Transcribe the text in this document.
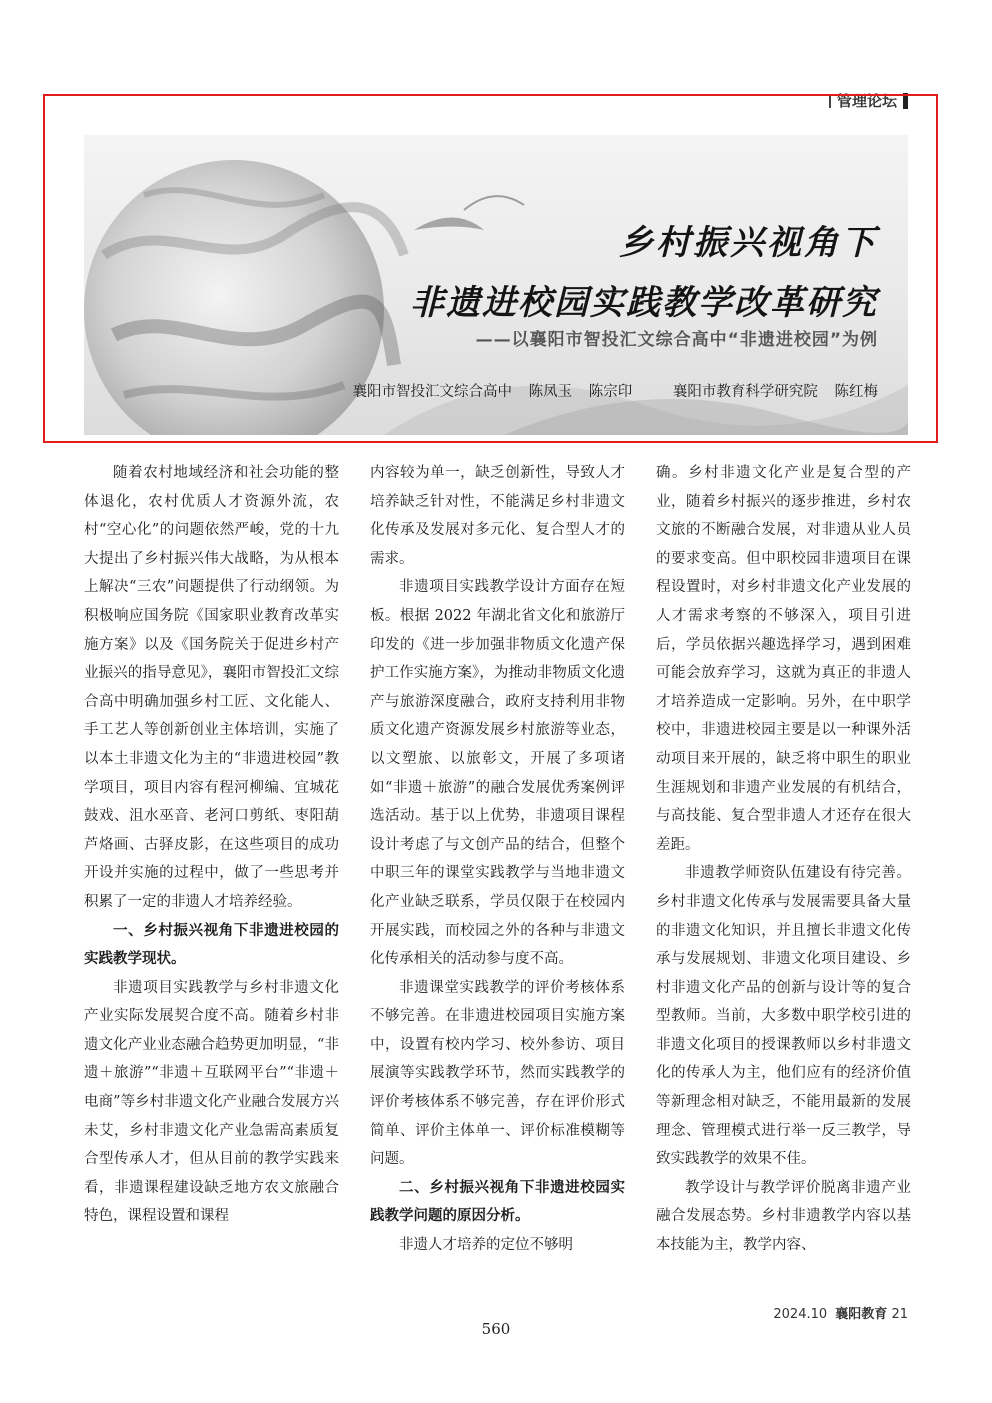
管理论坛
乡村振兴视角下
非遗进校园实践教学改革研究
——以襄阳市智投汇文综合高中“非遗进校园”为例
襄阳市智投汇文综合高中 陈凤玉 陈宗印	襄阳市教育科学研究院 陈红梅

随着农村地域经济和社会功能的整体退化，农村优质人才资源外流，农村“空心化”的问题依然严峻，党的十九大提出了乡村振兴伟大战略，为从根本上解决“三农”问题提供了行动纲领。为积极响应国务院《国家职业教育改革实施方案》以及《国务院关于促进乡村产业振兴的指导意见》，襄阳市智投汇文综合高中明确加强乡村工匠、文化能人、手工艺人等创新创业主体培训，实施了以本土非遗文化为主的“非遗进校园”教学项目，项目内容有程河柳编、宜城花鼓戏、沮水巫音、老河口剪纸、枣阳葫芦烙画、古驿皮影，在这些项目的成功开设并实施的过程中，做了一些思考并积累了一定的非遗人才培养经验。

一、乡村振兴视角下非遗进校园的实践教学现状。

非遗项目实践教学与乡村非遗文化产业实际发展契合度不高。随着乡村非遗文化产业业态融合趋势更加明显，“非遗＋旅游”“非遗＋互联网平台”“非遗＋电商”等乡村非遗文化产业融合发展方兴未艾，乡村非遗文化产业急需高素质复合型传承人才，但从目前的教学实践来看，非遗课程建设缺乏地方农文旅融合特色，课程设置和课程

内容较为单一，缺乏创新性，导致人才培养缺乏针对性，不能满足乡村非遗文化传承及发展对多元化、复合型人才的需求。

非遗项目实践教学设计方面存在短板。根据 2022 年湖北省文化和旅游厅印发的《进一步加强非物质文化遗产保护工作实施方案》，为推动非物质文化遗产与旅游深度融合，政府支持利用非物质文化遗产资源发展乡村旅游等业态，以文塑旅、以旅彰文，开展了多项诸如“非遗＋旅游”的融合发展优秀案例评选活动。基于以上优势，非遗项目课程设计考虑了与文创产品的结合，但整个中职三年的课堂实践教学与当地非遗文化产业缺乏联系，学员仅限于在校园内开展实践，而校园之外的各种与非遗文化传承相关的活动参与度不高。

非遗课堂实践教学的评价考核体系不够完善。在非遗进校园项目实施方案中，设置有校内学习、校外参访、项目展演等实践教学环节，然而实践教学的评价考核体系不够完善，存在评价形式简单、评价主体单一、评价标准模糊等问题。

二、乡村振兴视角下非遗进校园实践教学问题的原因分析。

非遗人才培养的定位不够明

确。乡村非遗文化产业是复合型的产业，随着乡村振兴的逐步推进，乡村农文旅的不断融合发展，对非遗从业人员的要求变高。但中职校园非遗项目在课程设置时，对乡村非遗文化产业发展的人才需求考察的不够深入，项目引进后，学员依据兴趣选择学习，遇到困难可能会放弃学习，这就为真正的非遗人才培养造成一定影响。另外，在中职学校中，非遗进校园主要是以一种课外活动项目来开展的，缺乏将中职生的职业生涯规划和非遗产业发展的有机结合，与高技能、复合型非遗人才还存在很大差距。

非遗教学师资队伍建设有待完善。乡村非遗文化传承与发展需要具备大量的非遗文化知识，并且擅长非遗文化传承与发展规划、非遗文化项目建设、乡村非遗文化产品的创新与设计等的复合型教师。当前，大多数中职学校引进的非遗文化项目的授课教师以乡村非遗文化的传承人为主，他们应有的经济价值等新理念相对缺乏，不能用最新的发展理念、管理模式进行举一反三教学，导致实践教学的效果不佳。

教学设计与教学评价脱离非遗产业融合发展态势。乡村非遗教学内容以基本技能为主，教学内容、

2024.10 襄阳教育 21
560
